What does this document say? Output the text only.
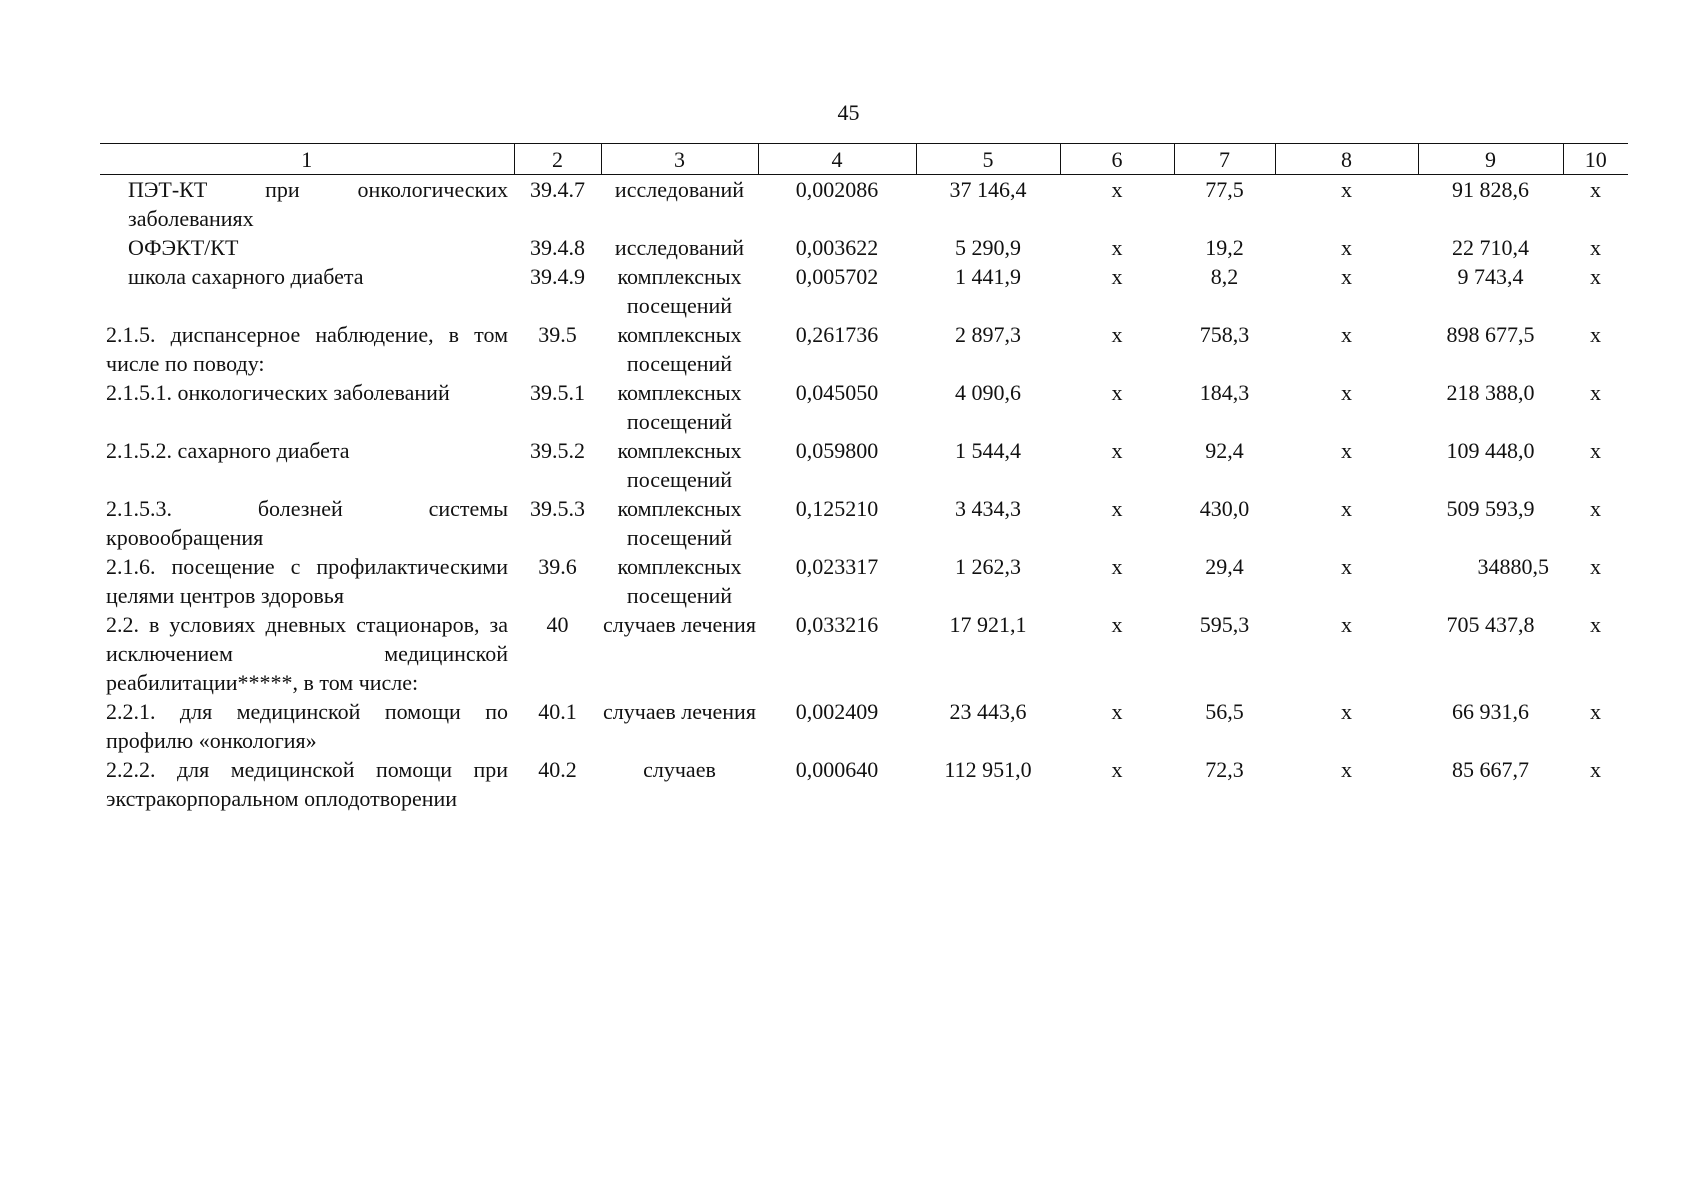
45
1	2	3	4	5	6	7	8	9	10
ПЭТ-КТ при онкологических заболеваниях	39.4.7	исследований	0,002086	37 146,4	x	77,5	x	91 828,6	x
ОФЭКТ/КТ	39.4.8	исследований	0,003622	5 290,9	x	19,2	x	22 710,4	x
школа сахарного диабета	39.4.9	комплексных посещений	0,005702	1 441,9	x	8,2	x	9 743,4	x
2.1.5. диспансерное наблюдение, в том числе по поводу:	39.5	комплексных посещений	0,261736	2 897,3	x	758,3	x	898 677,5	x
2.1.5.1. онкологических заболеваний	39.5.1	комплексных посещений	0,045050	4 090,6	x	184,3	x	218 388,0	x
2.1.5.2. сахарного диабета	39.5.2	комплексных посещений	0,059800	1 544,4	x	92,4	x	109 448,0	x
2.1.5.3. болезней системы кровообращения	39.5.3	комплексных посещений	0,125210	3 434,3	x	430,0	x	509 593,9	x
2.1.6. посещение с профилактическими целями центров здоровья	39.6	комплексных посещений	0,023317	1 262,3	x	29,4	x	34880,5	x
2.2. в условиях дневных стационаров, за исключением медицинской реабилитации*****, в том числе:	40	случаев лечения	0,033216	17 921,1	x	595,3	x	705 437,8	x
2.2.1. для медицинской помощи по профилю «онкология»	40.1	случаев лечения	0,002409	23 443,6	x	56,5	x	66 931,6	x
2.2.2. для медицинской помощи при экстракорпоральном оплодотворении	40.2	случаев	0,000640	112 951,0	x	72,3	x	85 667,7	x
